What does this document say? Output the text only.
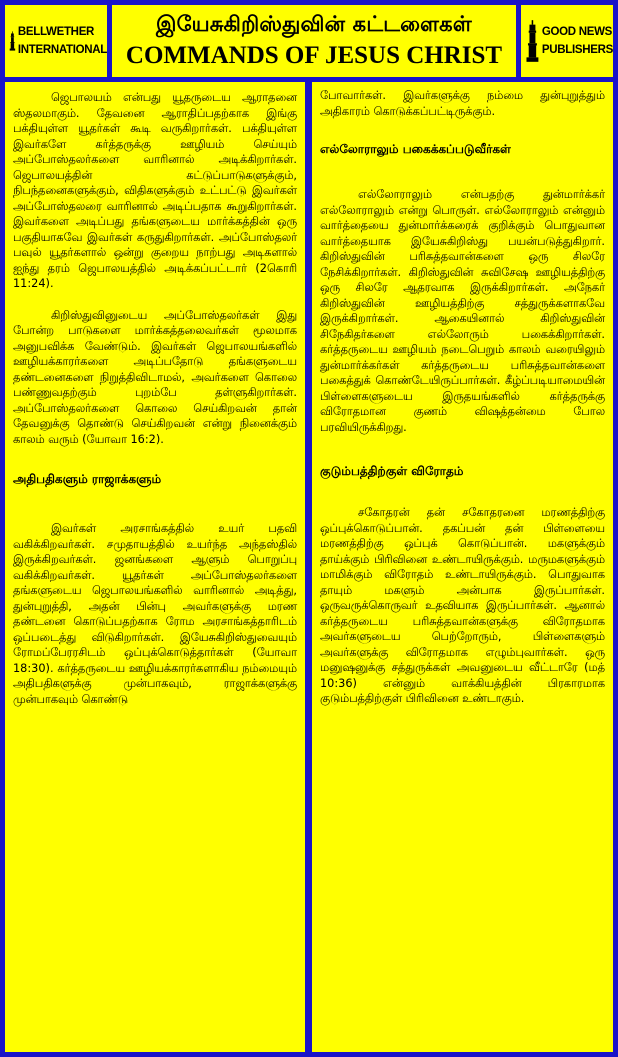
BELLWETHER
INTERNATIONAL
இயேசுகிறிஸ்துவின் கட்டளைகள்
COMMANDS OF JESUS CHRIST
GOOD NEWS
PUBLISHERS

ஜெபாலயம் என்பது யூதருடைய ஆராதனை ஸ்தலமாகும். தேவனை ஆராதிப்பதற்காக இங்கு பக்தியுள்ள யூதர்கள் கூடி வருகிறார்கள். பக்தியுள்ள இவர்களே கர்த்தருக்கு ஊழியம் செய்யும் அப்போஸ்தலர்களை வாரினால் அடிக்கிறார்கள். ஜெபாலயத்தின் கட்டுப்பாடுகளுக்கும், நிபந்தனைகளுக்கும், விதிகளுக்கும் உட்பட்டு இவர்கள் அப்போஸ்தலரை வாரினால் அடிப்பதாக கூறுகிறார்கள். இவர்களை அடிப்பது தங்களுடைய மார்க்கத்தின் ஒரு பகுதியாகவே இவர்கள் கருதுகிறார்கள். அப்போஸ்தலர் பவுல் யூதர்களால் ஒன்று குறைய நாற்பது அடிகளால் ஐந்து தரம் ஜெபாலயத்தில் அடிக்கப்பட்டார் (2கொரி 11:24).

கிறிஸ்துவினுடைய அப்போஸ்தலர்கள் இது போன்ற பாடுகளை மார்க்கத்தலைவர்கள் மூலமாக அனுபவிக்க வேண்டும். இவர்கள் ஜெபாலயங்களில் ஊழியக்காரர்களை அடிப்பதோடு தங்களுடைய தண்டனைகளை நிறுத்திவிடாமல், அவர்களை கொலை பண்ணுவதற்கும் புறம்பே தள்ளுகிறார்கள். அப்போஸ்தலர்களை கொலை செய்கிறவன் தான் தேவனுக்கு தொண்டு செய்கிறவன் என்று நினைக்கும் காலம் வரும் (யோவா 16:2).

அதிபதிகளும் ராஜாக்களும்

இவர்கள் அரசாங்கத்தில் உயர் பதவி வகிக்கிறவர்கள். சமுதாயத்தில் உயர்ந்த அந்தஸ்தில் இருக்கிறவர்கள். ஜனங்களை ஆளும் பொறுப்பு வகிக்கிறவர்கள். யூதர்கள் அப்போஸ்தலர்களை தங்களுடைய ஜெபாலயங்களில் வாரினால் அடித்து, துன்புறுத்தி, அதன் பின்பு அவர்களுக்கு மரண தண்டனை கொடுப்பதற்காக ரோம அரசாங்கத்தாரிடம் ஒப்படைத்து விடுகிறார்கள். இயேசுகிறிஸ்துவையும் ரோமப்பேரரசிடம் ஒப்புக்கொடுத்தார்கள் (யோவா 18:30). கர்த்தருடைய ஊழியக்காரர்களாகிய நம்மையும் அதிபதிகளுக்கு முன்பாகவும், ராஜாக்களுக்கு முன்பாகவும் கொண்டு

போவார்கள். இவர்களுக்கு நம்மை துன்புறுத்தும் அதிகாரம் கொடுக்கப்பட்டிருக்கும்.

எல்லோராலும் பகைக்கப்படுவீர்கள்

எல்லோராலும் என்பதற்கு துன்மார்க்கர் எல்லோராலும் என்று பொருள். எல்லோராலும் என்னும் வார்த்தையை துன்மார்க்கரைக் குறிக்கும் பொதுவான வார்த்தையாக இயேசுகிறிஸ்து பயன்படுத்துகிறார். கிறிஸ்துவின் பரிசுத்தவான்களை ஒரு சிலரே நேசிக்கிறார்கள். கிறிஸ்துவின் சுவிசேஷ ஊழியத்திற்கு ஒரு சிலரே ஆதரவாக இருக்கிறார்கள். அநேகர் கிறிஸ்துவின் ஊழியத்திற்கு சத்துருக்களாகவே இருக்கிறார்கள். ஆகையினால் கிறிஸ்துவின் சிநேகிதர்களை எல்லோரும் பகைக்கிறார்கள். கர்த்தருடைய ஊழியம் நடைபெறும் காலம் வரையிலும் துன்மார்க்கர்கள் கர்த்தருடைய பரிசுத்தவான்களை பகைத்துக் கொண்டேயிருப்பார்கள். கீழ்ப்படியாமையின் பிள்ளைகளுடைய இருதயங்களில் கர்த்தருக்கு விரோதமான குணம் விஷத்தன்மை போல பரவியிருக்கிறது.

குடும்பத்திற்குள் விரோதம்

சகோதரன் தன் சகோதரனை மரணத்திற்கு ஒப்புக்கொடுப்பான். தகப்பன் தன் பிள்ளையை மரணத்திற்கு ஒப்புக் கொடுப்பான். மகளுக்கும் தாய்க்கும் பிரிவினை உண்டாயிருக்கும். மருமகளுக்கும் மாமிக்கும் விரோதம் உண்டாயிருக்கும். பொதுவாக தாயும் மகளும் அன்பாக இருப்பார்கள். ஒருவருக்கொருவர் உதவியாக இருப்பார்கள். ஆனால் கர்த்தருடைய பரிசுத்தவான்களுக்கு விரோதமாக அவர்களுடைய பெற்றோரும், பிள்ளைகளும் அவர்களுக்கு விரோதமாக எழும்புவார்கள். ஒரு மனுஷனுக்கு சத்துருக்கள் அவனுடைய வீட்டாரே (மத் 10:36) என்னும் வாக்கியத்தின் பிரகாரமாக குடும்பத்திற்குள் பிரிவினை உண்டாகும்.
